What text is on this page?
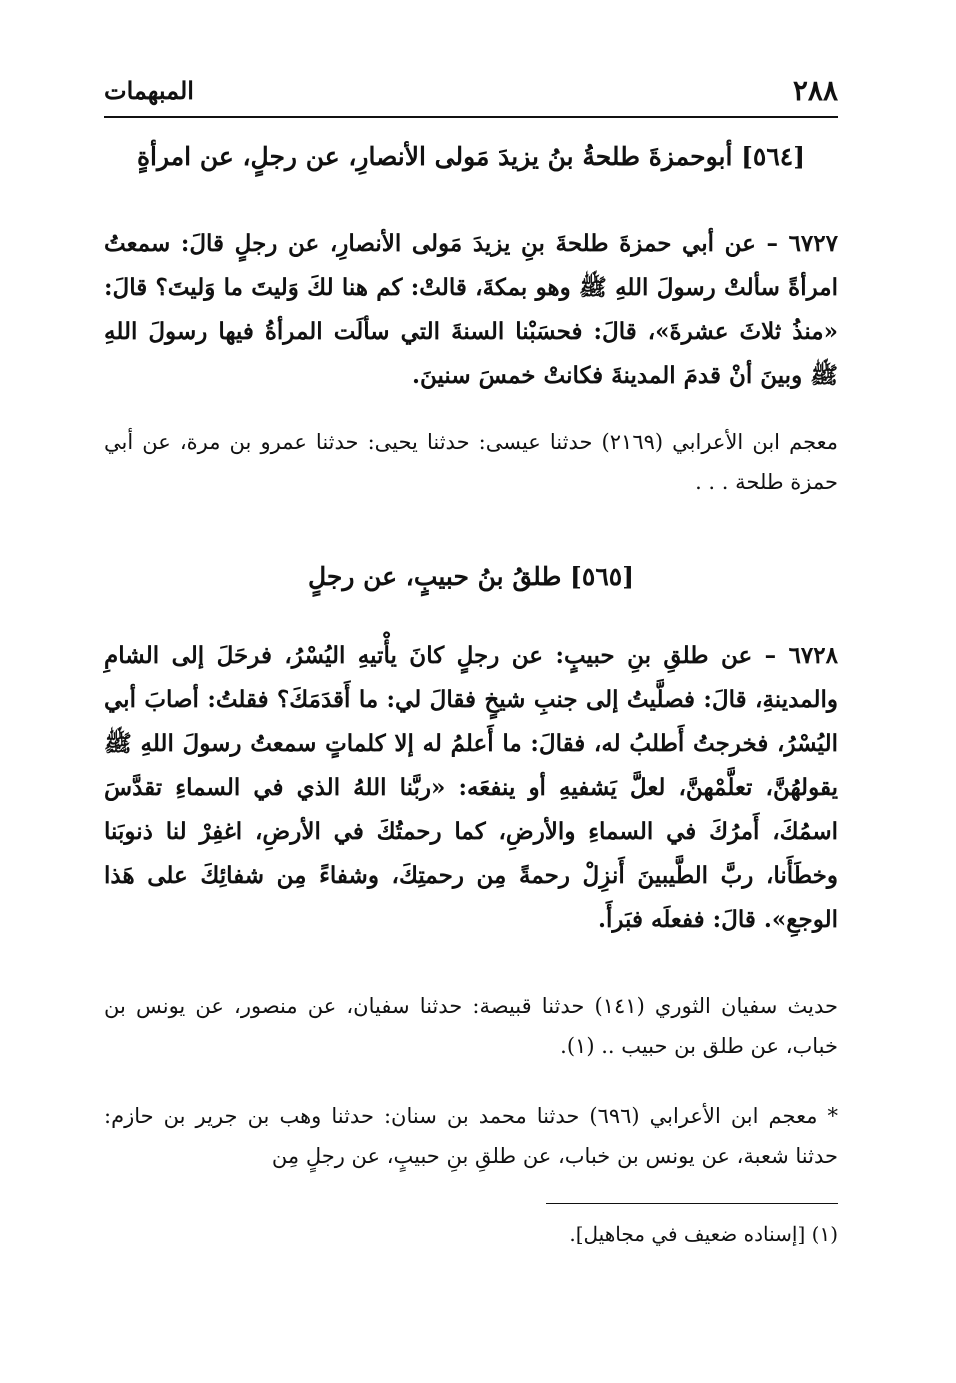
٢٨٨
المبهمات
[٥٦٤] أبوحمزةَ طلحةُ بنُ يزيدَ مَولى الأنصارِ، عن رجلٍ، عن امرأةٍ
٦٧٢٧ – عن أبي حمزةَ طلحةَ بنِ يزيدَ مَولى الأنصارِ، عن رجلٍ قالَ: سمعتُ امرأةً سألتْ رسولَ اللهِ ﷺ وهو بمكةَ، قالتْ: كم هنا لكَ وَليتَ ما وَليتَ؟ قالَ: «منذُ ثلاثَ عشرةَ»، قالَ: فحسَبْنا السنةَ التي سألَت المرأةُ فيها رسولَ اللهِ ﷺ وبينَ أنْ قدمَ المدينةَ فكانتْ خمسَ سنينَ.
معجم ابن الأعرابي (٢١٦٩) حدثنا عيسى: حدثنا يحيى: حدثنا عمرو بن مرة، عن أبي حمزة طلحة . . .
[٥٦٥] طلقُ بنُ حبيبٍ، عن رجلٍ
٦٧٢٨ – عن طلقِ بنِ حبيبٍ: عن رجلٍ كانَ يأْتيهِ اليُسْرُ، فرحَلَ إلى الشامِ والمدينةِ، قالَ: فصلَّيتُ إلى جنبِ شيخٍ فقالَ لي: ما أَقدَمَكَ؟ فقلتُ: أصابَ أبي اليُسْرُ، فخرجتُ أَطلبُ له، فقالَ: ما أَعلمُ له إلا كلماتٍ سمعتُ رسولَ اللهِ ﷺ يقولهُنَّ، تعلَّمْهنَّ، لعلَّ يَشفيهِ أو ينفعَه: «ربَّنا اللهُ الذي في السماءِ تقدَّسَ اسمُكَ، أَمرُكَ في السماءِ والأرضِ، كما رحمتُكَ في الأرضِ، اغفِرْ لنا ذنوبَنا وخطَأَنا، ربَّ الطَّيبينَ أَنزِلْ رحمةً مِن رحمتِكَ، وشفاءً مِن شفائِكَ على هَذا الوجعِ». قالَ: ففعلَه فبَرأَ.
حديث سفيان الثوري (١٤١) حدثنا قبيصة: حدثنا سفيان، عن منصور، عن يونس بن خباب، عن طلق بن حبيب .. (١).
* معجم ابن الأعرابي (٦٩٦) حدثنا محمد بن سنان: حدثنا وهب بن جرير بن حازم: حدثنا شعبة، عن يونس بن خباب، عن طلقِ بنِ حبيبٍ، عن رجلٍ مِن
(١) [إسناده ضعيف في مجاهيل].
